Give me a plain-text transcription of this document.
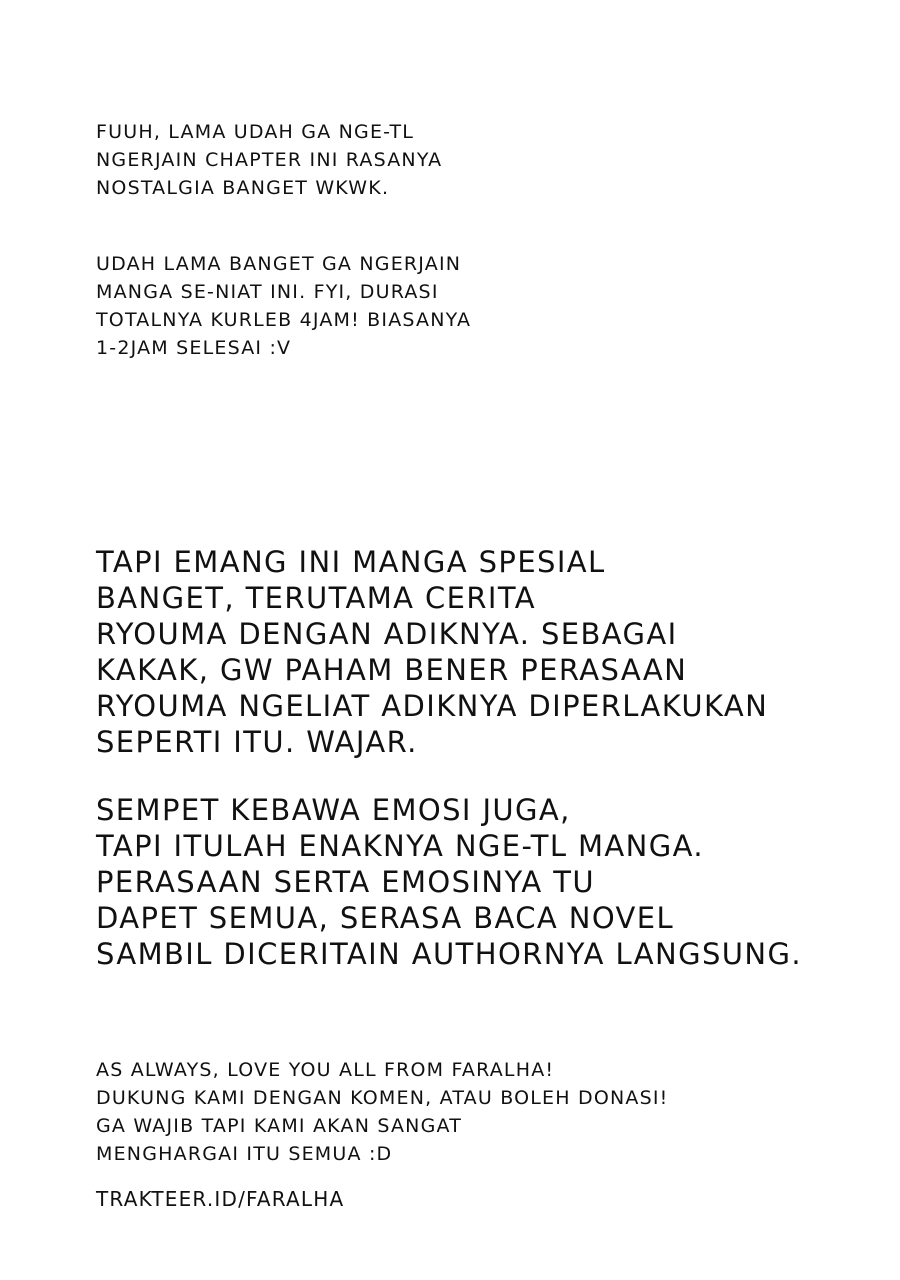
FUUH, LAMA UDAH GA NGE-TL
NGERJAIN CHAPTER INI RASANYA
NOSTALGIA BANGET WKWK.
UDAH LAMA BANGET GA NGERJAIN
MANGA SE-NIAT INI. FYI, DURASI
TOTALNYA KURLEB 4JAM! BIASANYA
1-2JAM SELESAI :V
TAPI EMANG INI MANGA SPESIAL
BANGET, TERUTAMA CERITA
RYOUMA DENGAN ADIKNYA. SEBAGAI
KAKAK, GW PAHAM BENER PERASAAN
RYOUMA NGELIAT ADIKNYA DIPERLAKUKAN
SEPERTI ITU. WAJAR.
SEMPET KEBAWA EMOSI JUGA,
TAPI ITULAH ENAKNYA NGE-TL MANGA.
PERASAAN SERTA EMOSINYA TU
DAPET SEMUA, SERASA BACA NOVEL
SAMBIL DICERITAIN AUTHORNYA LANGSUNG.
AS ALWAYS, LOVE YOU ALL FROM FARALHA!
DUKUNG KAMI DENGAN KOMEN, ATAU BOLEH DONASI!
GA WAJIB TAPI KAMI AKAN SANGAT
MENGHARGAI ITU SEMUA :D
TRAKTEER.ID/FARALHA
